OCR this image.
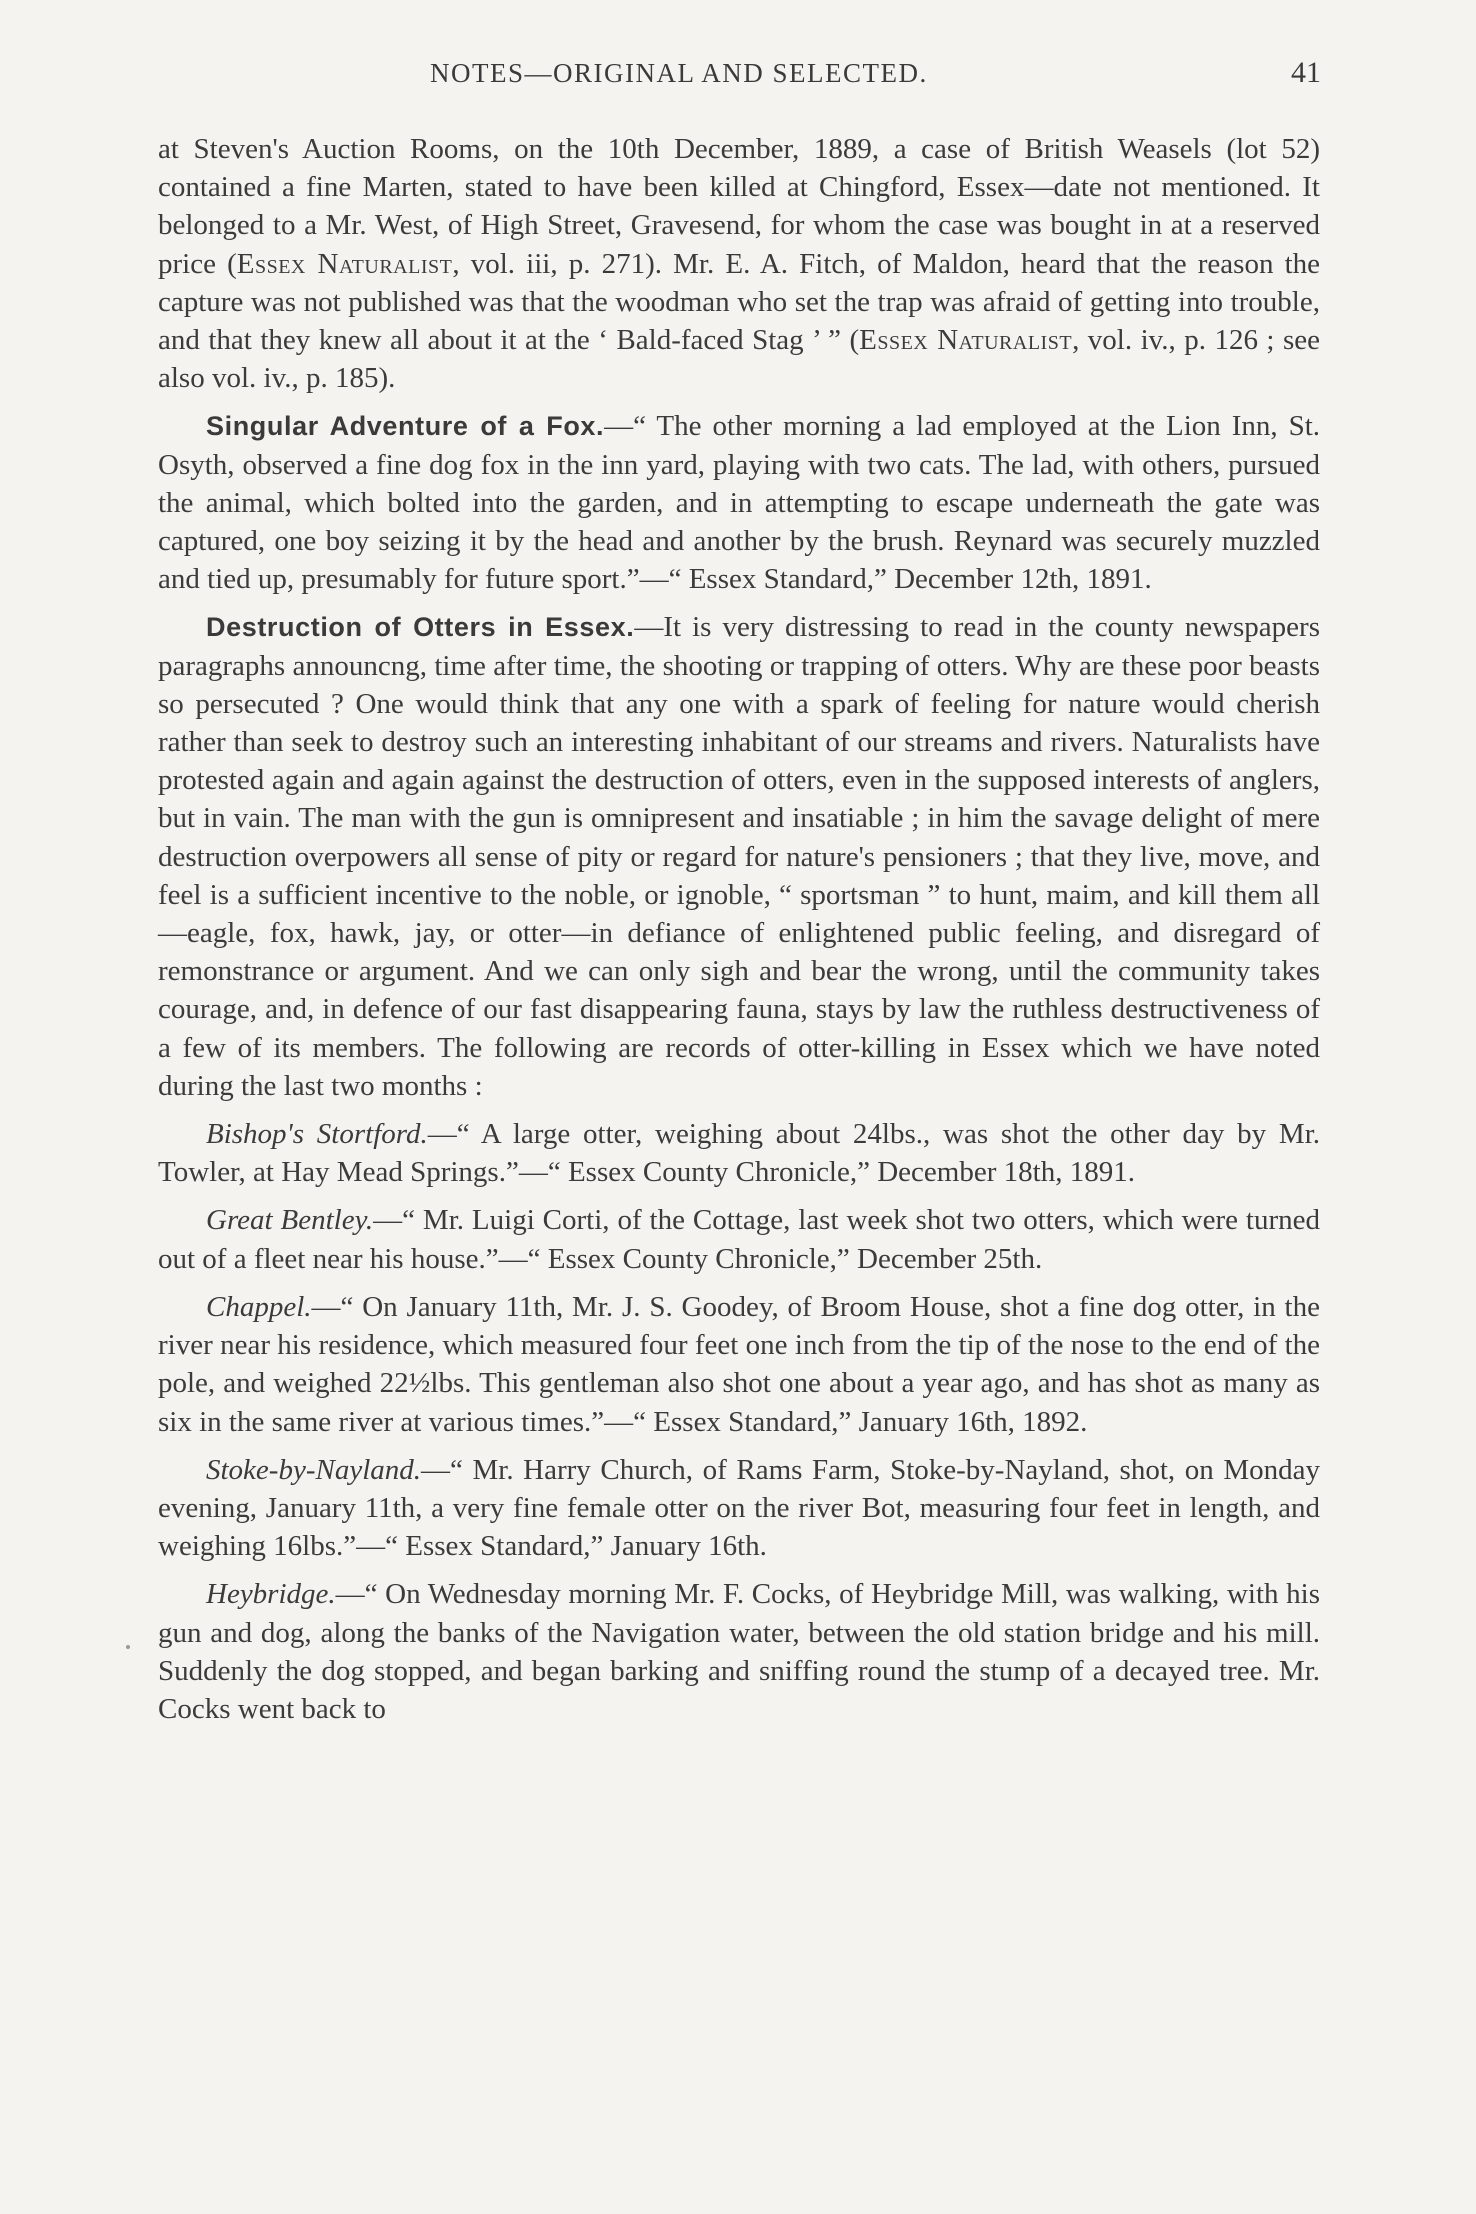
NOTES—ORIGINAL AND SELECTED.	41

at Steven's Auction Rooms, on the 10th December, 1889, a case of British Weasels (lot 52) contained a fine Marten, stated to have been killed at Chingford, Essex—date not mentioned. It belonged to a Mr. West, of High Street, Gravesend, for whom the case was bought in at a reserved price (Essex Naturalist, vol. iii, p. 271). Mr. E. A. Fitch, of Maldon, heard that the reason the capture was not published was that the woodman who set the trap was afraid of getting into trouble, and that they knew all about it at the ‘ Bald-faced Stag ’ ” (Essex Naturalist, vol. iv., p. 126 ; see also vol. iv., p. 185).

Singular Adventure of a Fox.—“ The other morning a lad employed at the Lion Inn, St. Osyth, observed a fine dog fox in the inn yard, playing with two cats. The lad, with others, pursued the animal, which bolted into the garden, and in attempting to escape underneath the gate was captured, one boy seizing it by the head and another by the brush. Reynard was securely muzzled and tied up, presumably for future sport.”—“ Essex Standard,” December 12th, 1891.

Destruction of Otters in Essex.—It is very distressing to read in the county newspapers paragraphs announcng, time after time, the shooting or trapping of otters. Why are these poor beasts so persecuted ? One would think that any one with a spark of feeling for nature would cherish rather than seek to destroy such an interesting inhabitant of our streams and rivers. Naturalists have protested again and again against the destruction of otters, even in the supposed interests of anglers, but in vain. The man with the gun is omnipresent and insatiable ; in him the savage delight of mere destruction overpowers all sense of pity or regard for nature's pensioners ; that they live, move, and feel is a sufficient incentive to the noble, or ignoble, “ sportsman ” to hunt, maim, and kill them all —eagle, fox, hawk, jay, or otter—in defiance of enlightened public feeling, and disregard of remonstrance or argument. And we can only sigh and bear the wrong, until the community takes courage, and, in defence of our fast disappearing fauna, stays by law the ruthless destructiveness of a few of its members. The following are records of otter-killing in Essex which we have noted during the last two months :

Bishop's Stortford.—“ A large otter, weighing about 24lbs., was shot the other day by Mr. Towler, at Hay Mead Springs.”—“ Essex County Chronicle,” December 18th, 1891.

Great Bentley.—“ Mr. Luigi Corti, of the Cottage, last week shot two otters, which were turned out of a fleet near his house.”—“ Essex County Chronicle,” December 25th.

Chappel.—“ On January 11th, Mr. J. S. Goodey, of Broom House, shot a fine dog otter, in the river near his residence, which measured four feet one inch from the tip of the nose to the end of the pole, and weighed 22½lbs. This gentleman also shot one about a year ago, and has shot as many as six in the same river at various times.”—“ Essex Standard,” January 16th, 1892.

Stoke-by-Nayland.—“ Mr. Harry Church, of Rams Farm, Stoke-by-Nayland, shot, on Monday evening, January 11th, a very fine female otter on the river Bot, measuring four feet in length, and weighing 16lbs.”—“ Essex Standard,” January 16th.

Heybridge.—“ On Wednesday morning Mr. F. Cocks, of Heybridge Mill, was walking, with his gun and dog, along the banks of the Navigation water, between the old station bridge and his mill. Suddenly the dog stopped, and began barking and sniffing round the stump of a decayed tree. Mr. Cocks went back to
